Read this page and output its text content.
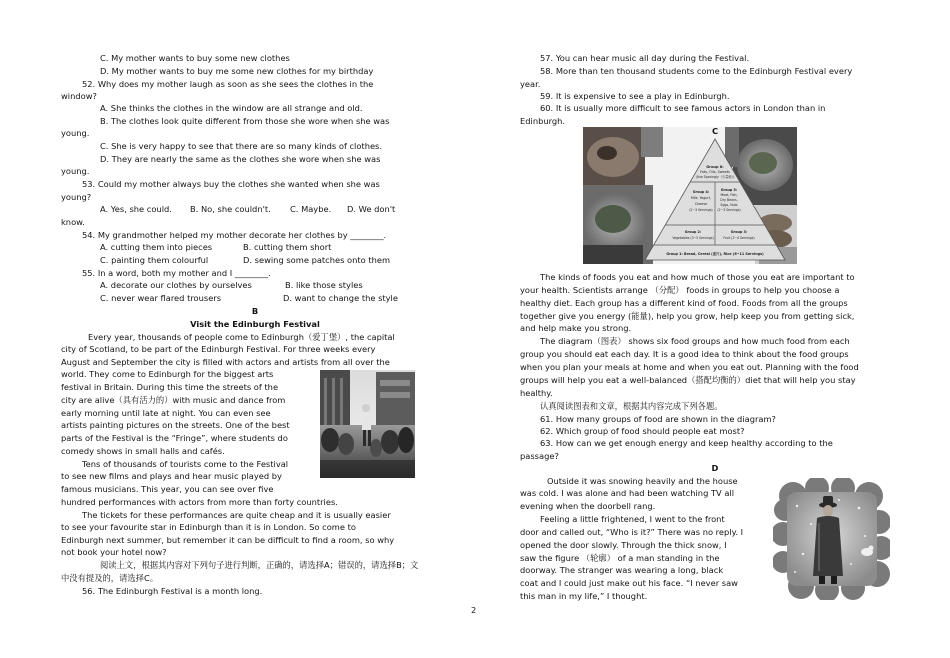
C. My mother wants to buy some new clothes
D. My mother wants to buy me some new clothes for my birthday
52. Why does my mother laugh as soon as she sees the clothes in the
window?
A. She thinks the clothes in the window are all strange and old.
B. The clothes look quite different from those she wore when she was
young.
C. She is very happy to see that there are so many kinds of clothes.
D. They are nearly the same as the clothes she wore when she was
young.
53. Could my mother always buy the clothes she wanted when she was
young?
A. Yes, she could. B. No, she couldn't. C. Maybe. D. We don't
know.
54. My grandmother helped my mother decorate her clothes by ________.
A. cutting them into pieces	B. cutting them short
C. painting them colourful	D. sewing some patches onto them
55. In a word, both my mother and I ________.
A. decorate our clothes by ourselves	B. like those styles
C. never wear flared trousers	D. want to change the style
B
Visit the Edinburgh Festival
Every year, thousands of people come to Edinburgh（爱丁堡）, the capital
city of Scotland, to be part of the Edinburgh Festival. For three weeks every
August and September the city is filled with actors and artists from all over the
world. They come to Edinburgh for the biggest arts
festival in Britain. During this time the streets of the
city are alive（具有活力的）with music and dance from
early morning until late at night. You can even see
artists painting pictures on the streets. One of the best
parts of the Festival is the “Fringe”, where students do
comedy shows in small halls and cafés.
Tens of thousands of tourists come to the Festival
to see new films and plays and hear music played by
famous musicians. This year, you can see over five
hundred performances with actors from more than forty countries.
The tickets for these performances are quite cheap and it is usually easier
to see your favourite star in Edinburgh than it is in London. So come to
Edinburgh next summer, but remember it can be difficult to find a room, so why
not book your hotel now?
阅读上文，根据其内容对下列句子进行判断，正确的，请选择A；错误的，请选择B；文
中没有提及的，请选择C。
56. The Edinburgh Festival is a month long.
57. You can hear music all day during the Festival.
58. More than ten thousand students come to the Edinburgh Festival every
year.
59. It is expensive to see a play in Edinburgh.
60. It is usually more difficult to see famous actors in London than in
Edinburgh.
Group 6:
Fats, Oils, Sweets
(Use Sparingly（少量地）)
Group 4:
Milk, Yogurt,
Cheese
(2~3 Servings)
Group 5:
Meat, Fish,
Dry Beans,
Eggs, Nuts
(2~3 Servings)
Group 2:
Vegetables (3~5 Servings)
Group 3:
Fruit (2~4 Servings)
Group 1: Bread, Cereal (麦片), Rice (6~11 Servings)
C
The kinds of foods you eat and how much of those you eat are important to
your health. Scientists arrange （分配） foods in groups to help you choose a
healthy diet. Each group has a different kind of food. Foods from all the groups
together give you energy (能量), help you grow, help keep you from getting sick,
and help make you strong.
The diagram（图表） shows six food groups and how much food from each
group you should eat each day. It is a good idea to think about the food groups
when you plan your meals at home and when you eat out. Planning with the food
groups will help you eat a well-balanced（搭配均衡的）diet that will help you stay
healthy.
认真阅读图表和文章，根据其内容完成下列各题。
61. How many groups of food are shown in the diagram?
62. Which group of food should people eat most?
63. How can we get enough energy and keep healthy according to the
passage?
D
Outside it was snowing heavily and the house
was cold. I was alone and had been watching TV all
evening when the doorbell rang.
Feeling a little frightened, I went to the front
door and called out, “Who is it?” There was no reply. I
opened the door slowly. Through the thick snow, I
saw the figure （轮廓） of a man standing in the
doorway. The stranger was wearing a long, black
coat and I could just make out his face. “I never saw
this man in my life,” I thought.
2
